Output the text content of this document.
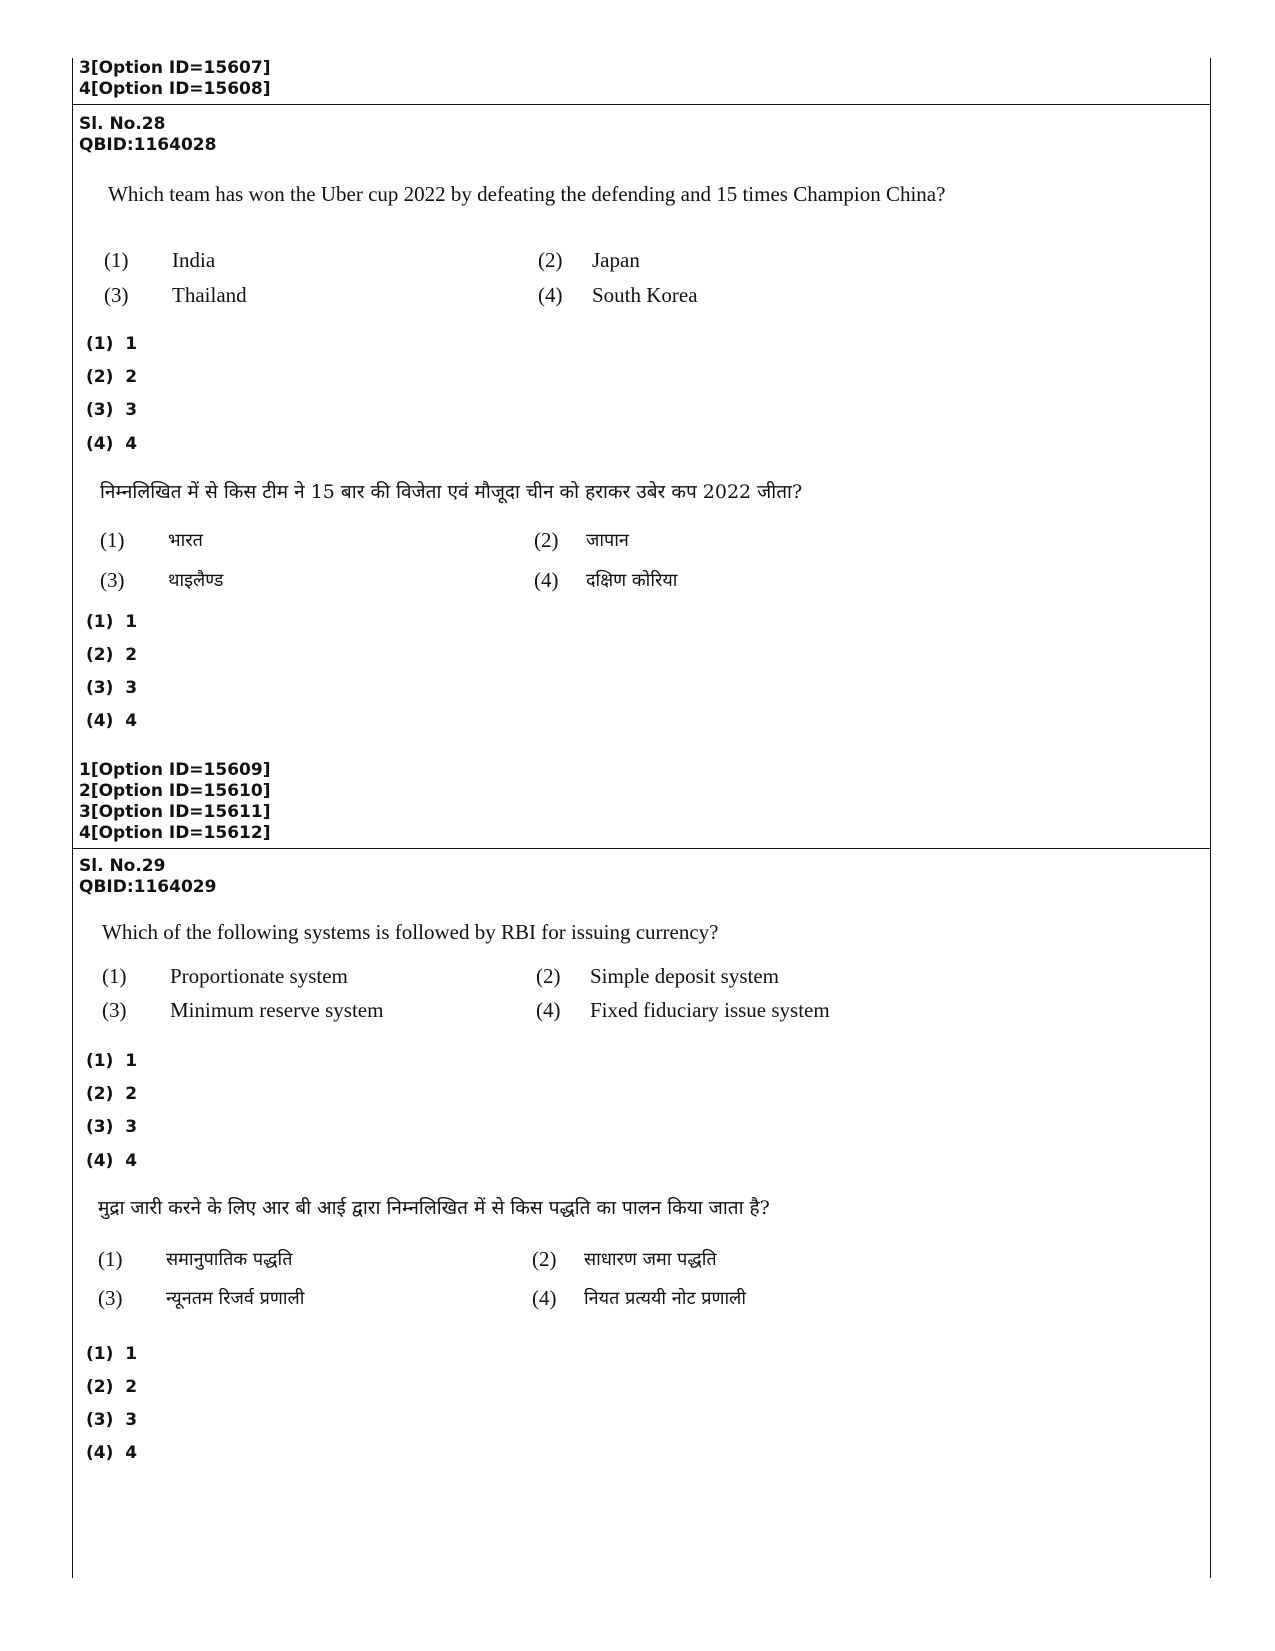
3[Option ID=15607]
4[Option ID=15608]
Sl. No.28
QBID:1164028
Which team has won the Uber cup 2022 by defeating the defending and 15 times Champion China?
(1) India	(2) Japan
(3) Thailand	(4) South Korea
(1)  1
(2)  2
(3)  3
(4)  4
निम्नलिखित में से किस टीम ने 15 बार की विजेता एवं मौजूदा चीन को हराकर उबेर कप 2022 जीता?
(1) भारत	(2) जापान
(3) थाइलैण्ड	(4) दक्षिण कोरिया
(1)  1
(2)  2
(3)  3
(4)  4
1[Option ID=15609]
2[Option ID=15610]
3[Option ID=15611]
4[Option ID=15612]
Sl. No.29
QBID:1164029
Which of the following systems is followed by RBI for issuing currency?
(1) Proportionate system	(2) Simple deposit system
(3) Minimum reserve system	(4) Fixed fiduciary issue system
(1)  1
(2)  2
(3)  3
(4)  4
मुद्रा जारी करने के लिए आर बी आई द्वारा निम्नलिखित में से किस पद्धति का पालन किया जाता है?
(1) समानुपातिक पद्धति	(2) साधारण जमा पद्धति
(3) न्यूनतम रिजर्व प्रणाली	(4) नियत प्रत्ययी नोट प्रणाली
(1)  1
(2)  2
(3)  3
(4)  4
